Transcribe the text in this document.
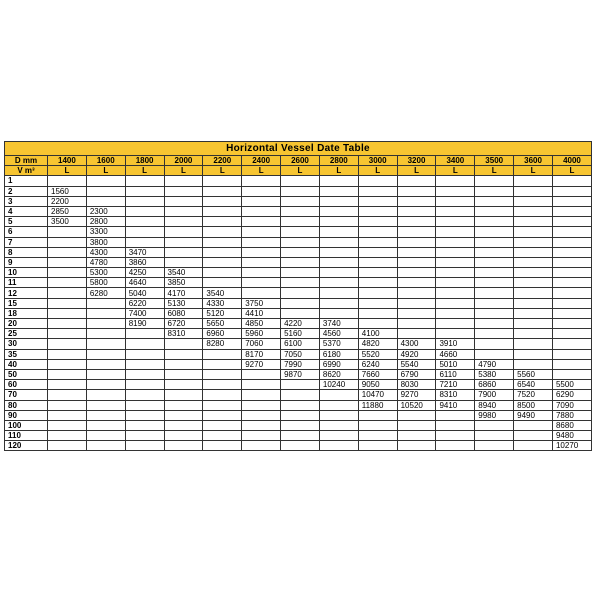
Horizontal Vessel Date Table														
D mm	1400	1600	1800	2000	2200	2400	2600	2800	3000	3200	3400	3500	3600	4000
V m³	L	L	L	L	L	L	L	L	L	L	L	L	L	L
1														
2	1560													
3	2200													
4	2850	2300												
5	3500	2800												
6		3300												
7		3800												
8		4300	3470											
9		4780	3860											
10		5300	4250	3540										
11		5800	4640	3850										
12		6280	5040	4170	3540									
15			6220	5130	4330	3750								
18			7400	6080	5120	4410								
20			8190	6720	5650	4850	4220	3740						
25				8310	6960	5960	5160	4560	4100					
30					8280	7060	6100	5370	4820	4300	3910			
35						8170	7050	6180	5520	4920	4660			
40						9270	7990	6990	6240	5540	5010	4790		
50							9870	8620	7660	6790	6110	5380	5560	
60								10240	9050	8030	7210	6860	6540	5500
70									10470	9270	8310	7900	7520	6290
80									11880	10520	9410	8940	8500	7090
90												9980	9490	7880
100														8680
110														9480
120														10270
